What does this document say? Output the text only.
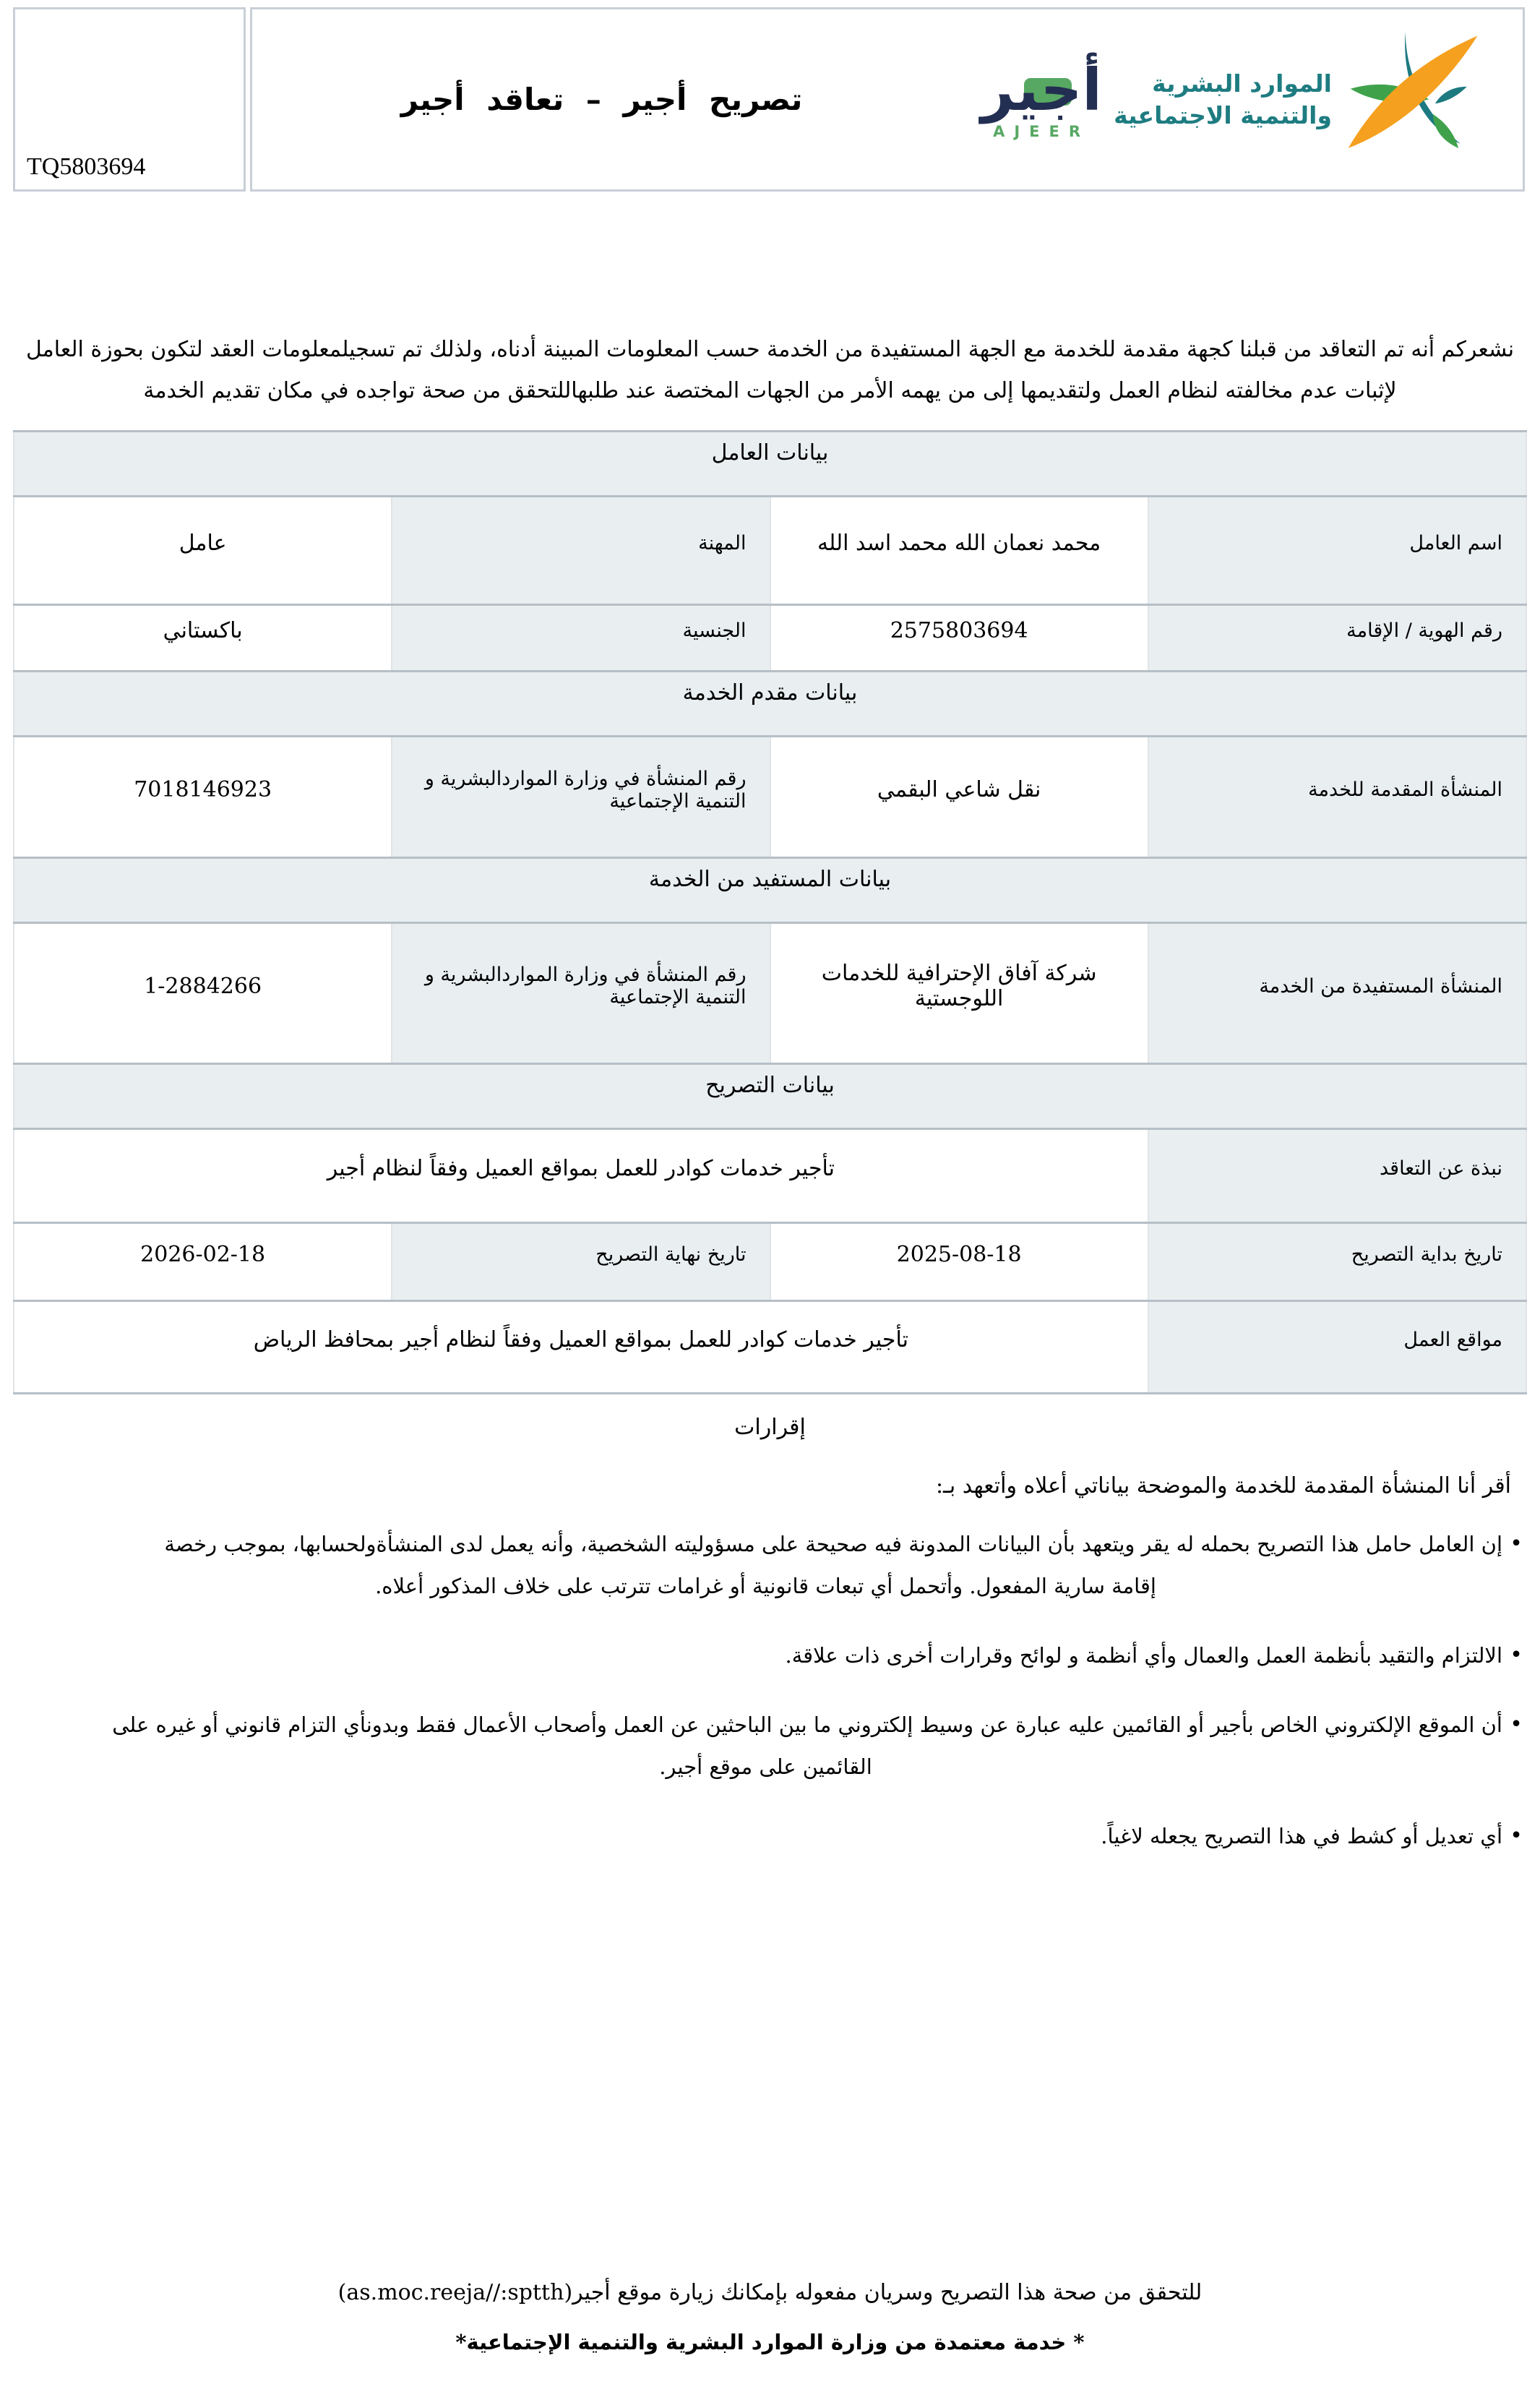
TQ5803694
الموارد البشرية
والتنمية الاجتماعية
أجير
AJEER
تصريح أجير – تعاقد أجير
نشعركم أنه تم التعاقد من قبلنا كجهة مقدمة للخدمة مع الجهة المستفيدة من الخدمة حسب المعلومات المبينة أدناه، ولذلك تم تسجيلمعلومات العقد لتكون بحوزة العامل لإثبات عدم مخالفته لنظام العمل ولتقديمها إلى من يهمه الأمر من الجهات المختصة عند طلبهاللتحقق من صحة تواجده في مكان تقديم الخدمة
بيانات العامل			
اسم العامل	محمد نعمان الله محمد اسد الله	المهنة	عامل
رقم الهوية / الإقامة	2575803694	الجنسية	باكستاني
بيانات مقدم الخدمة			
المنشأة المقدمة للخدمة	نقل شاعي البقمي	رقم المنشأة في وزارة المواردالبشرية و التنمية الإجتماعية	7018146923
بيانات المستفيد من الخدمة			
المنشأة المستفيدة من الخدمة	شركة آفاق الإحترافية للخدمات اللوجستية	رقم المنشأة في وزارة المواردالبشرية و التنمية الإجتماعية	1-2884266
بيانات التصريح			
نبذة عن التعاقد	تأجير خدمات كوادر للعمل بمواقع العميل وفقاً لنظام أجير		
تاريخ بداية التصريح	2025-08-18	تاريخ نهاية التصريح	2026-02-18
مواقع العمل	تأجير خدمات كوادر للعمل بمواقع العميل وفقاً لنظام أجير بمحافظ الرياض		
إقرارات
أقر أنا المنشأة المقدمة للخدمة والموضحة بياناتي أعلاه وأتعهد بـ:
• إن العامل حامل هذا التصريح بحمله له يقر ويتعهد بأن البيانات المدونة فيه صحيحة على مسؤوليته الشخصية، وأنه يعمل لدى المنشأةولحسابها، بموجب رخصة
إقامة سارية المفعول. وأتحمل أي تبعات قانونية أو غرامات تترتب على خلاف المذكور أعلاه.
• الالتزام والتقيد بأنظمة العمل والعمال وأي أنظمة و لوائح وقرارات أخرى ذات علاقة.
• أن الموقع الإلكتروني الخاص بأجير أو القائمين عليه عبارة عن وسيط إلكتروني ما بين الباحثين عن العمل وأصحاب الأعمال فقط وبدونأي التزام قانوني أو غيره على
القائمين على موقع أجير.
• أي تعديل أو كشط في هذا التصريح يجعله لاغياً.
للتحقق من صحة هذا التصريح وسريان مفعوله بإمكانك زيارة موقع أجير(as.moc.reeja//:sptth)
* خدمة معتمدة من وزارة الموارد البشرية والتنمية الإجتماعية*
